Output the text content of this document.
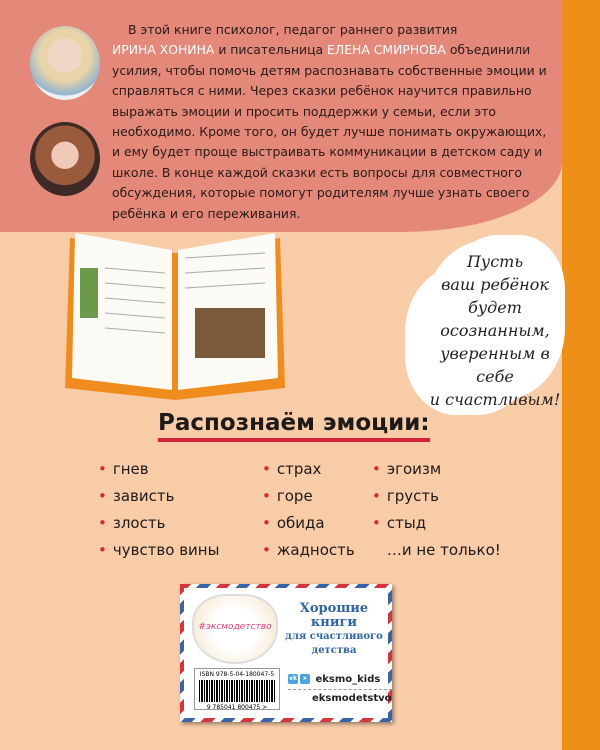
В этой книге психолог, педагог раннего развития
ИРИНА ХОНИНА и писательница ЕЛЕНА СМИРНОВА объединили усилия, чтобы помочь детям распознавать собственные эмоции и справляться с ними. Через сказки ребёнок научится правильно выражать эмоции и просить поддержки у семьи, если это необходимо. Кроме того, он будет лучше понимать окружающих, и ему будет проще выстраивать коммуникации в детском саду и школе. В конце каждой сказки есть вопросы для совместного обсуждения, которые помогут родителям лучше узнать своего ребёнка и его переживания.
Пусть
ваш ребёнок
будет осознанным,
уверенным в себе
и счастливым!
Распознаём эмоции:
• гнев
• зависть
• злость
• чувство вины
• страх
• горе
• обида
• жадность
• эгоизм
• грусть
• стыд
…и не только!
#эксмодетство
Хорошие
книги
для счастливого
детства
ISBN 978-5-04-180047-5
9 785041 800475 >
vk ➤ eksmo_kids
eksmodetstvo
